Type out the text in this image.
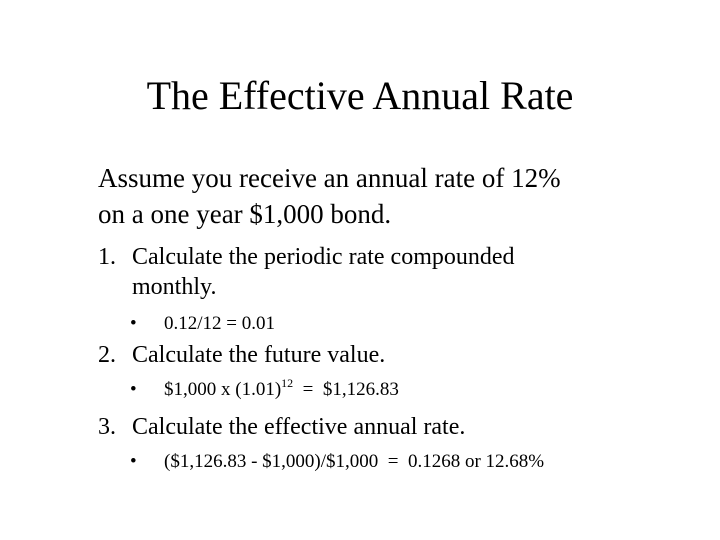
The Effective Annual Rate
Assume you receive an annual rate of 12%
on a one year $1,000 bond.
1. Calculate the periodic rate compounded
monthly.
• 0.12/12 = 0.01
2. Calculate the future value.
• $1,000 x $(1.01)^{12}$  =  $1,126.83
3. Calculate the effective annual rate.
• ($1,126.83 - $1,000)/$1,000  =  0.1268 or 12.68%
